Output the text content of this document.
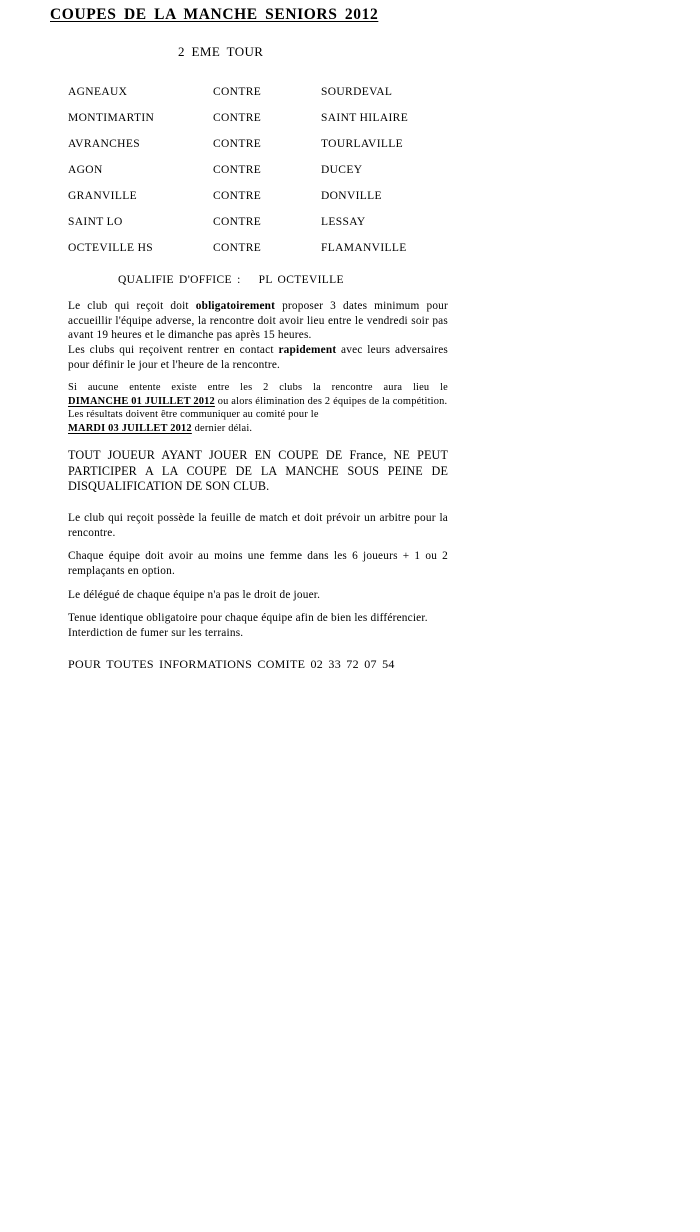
COUPES DE LA MANCHE SENIORS 2012
2 EME TOUR
AGNEAUX	CONTRE	SOURDEVAL
MONTIMARTIN	CONTRE	SAINT HILAIRE
AVRANCHES	CONTRE	TOURLAVILLE
AGON	CONTRE	DUCEY
GRANVILLE	CONTRE	DONVILLE
SAINT LO	CONTRE	LESSAY
OCTEVILLE HS	CONTRE	FLAMANVILLE
QUALIFIE D'OFFICE : PL OCTEVILLE

Le club qui reçoit doit obligatoirement proposer 3 dates minimum pour accueillir l'équipe adverse, la rencontre doit avoir lieu entre le vendredi soir pas avant 19 heures et le dimanche pas après 15 heures.

Les clubs qui reçoivent rentrer en contact rapidement avec leurs adversaires pour définir le jour et l'heure de la rencontre.

Si aucune entente existe entre les 2 clubs la rencontre aura lieu le DIMANCHE 01 JUILLET 2012 ou alors élimination des 2 équipes de la compétition.

Les résultats doivent être communiquer au comité pour le
MARDI 03 JUILLET 2012 dernier délai.

TOUT JOUEUR AYANT JOUER EN COUPE DE France, NE PEUT PARTICIPER A LA COUPE DE LA MANCHE SOUS PEINE DE DISQUALIFICATION DE SON CLUB.

Le club qui reçoit possède la feuille de match et doit prévoir un arbitre pour la rencontre.

Chaque équipe doit avoir au moins une femme dans les 6 joueurs + 1 ou 2 remplaçants en option.

Le délégué de chaque équipe n'a pas le droit de jouer.

Tenue identique obligatoire pour chaque équipe afin de bien les différencier.

Interdiction de fumer sur les terrains.

POUR TOUTES INFORMATIONS COMITE 02 33 72 07 54
